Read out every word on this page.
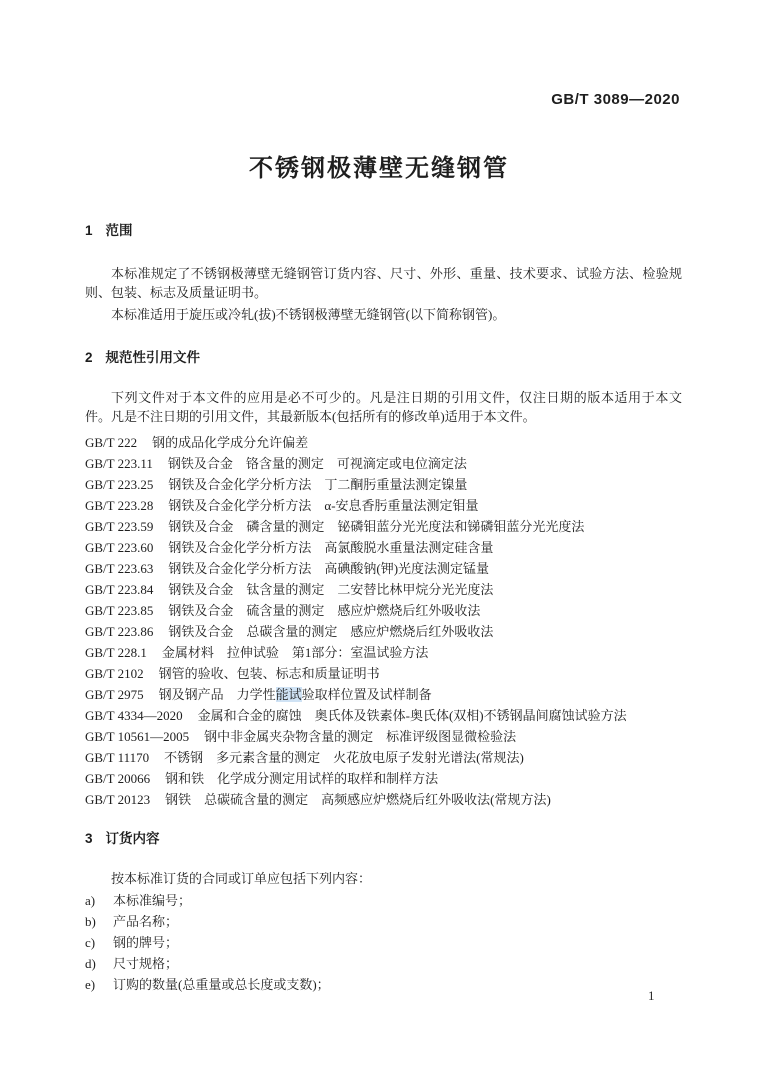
GB/T 3089—2020
不锈钢极薄壁无缝钢管
1 范围

本标准规定了不锈钢极薄壁无缝钢管订货内容、尺寸、外形、重量、技术要求、试验方法、检验规则、包装、标志及质量证明书。

本标准适用于旋压或冷轧(拔)不锈钢极薄壁无缝钢管(以下简称钢管)。

2 规范性引用文件

下列文件对于本文件的应用是必不可少的。凡是注日期的引用文件，仅注日期的版本适用于本文件。凡是不注日期的引用文件，其最新版本(包括所有的修改单)适用于本文件。

GB/T 222 钢的成品化学成分允许偏差
GB/T 223.11 钢铁及合金　铬含量的测定　可视滴定或电位滴定法
GB/T 223.25 钢铁及合金化学分析方法　丁二酮肟重量法测定镍量
GB/T 223.28 钢铁及合金化学分析方法　α-安息香肟重量法测定钼量
GB/T 223.59 钢铁及合金　磷含量的测定　铋磷钼蓝分光光度法和锑磷钼蓝分光光度法
GB/T 223.60 钢铁及合金化学分析方法　高氯酸脱水重量法测定硅含量
GB/T 223.63 钢铁及合金化学分析方法　高碘酸钠(钾)光度法测定锰量
GB/T 223.84 钢铁及合金　钛含量的测定　二安替比林甲烷分光光度法
GB/T 223.85 钢铁及合金　硫含量的测定　感应炉燃烧后红外吸收法
GB/T 223.86 钢铁及合金　总碳含量的测定　感应炉燃烧后红外吸收法
GB/T 228.1 金属材料　拉伸试验　第1部分：室温试验方法
GB/T 2102 钢管的验收、包装、标志和质量证明书
GB/T 2975 钢及钢产品　力学性能试验取样位置及试样制备
GB/T 4334—2020 金属和合金的腐蚀　奥氏体及铁素体-奥氏体(双相)不锈钢晶间腐蚀试验方法
GB/T 10561—2005 钢中非金属夹杂物含量的测定　标准评级图显微检验法
GB/T 11170 不锈钢　多元素含量的测定　火花放电原子发射光谱法(常规法)
GB/T 20066 钢和铁　化学成分测定用试样的取样和制样方法
GB/T 20123 钢铁　总碳硫含量的测定　高频感应炉燃烧后红外吸收法(常规方法)
3 订货内容

按本标准订货的合同或订单应包括下列内容：

a) 本标准编号；
b) 产品名称；
c) 钢的牌号；
d) 尺寸规格；
e) 订购的数量(总重量或总长度或支数)；
1
